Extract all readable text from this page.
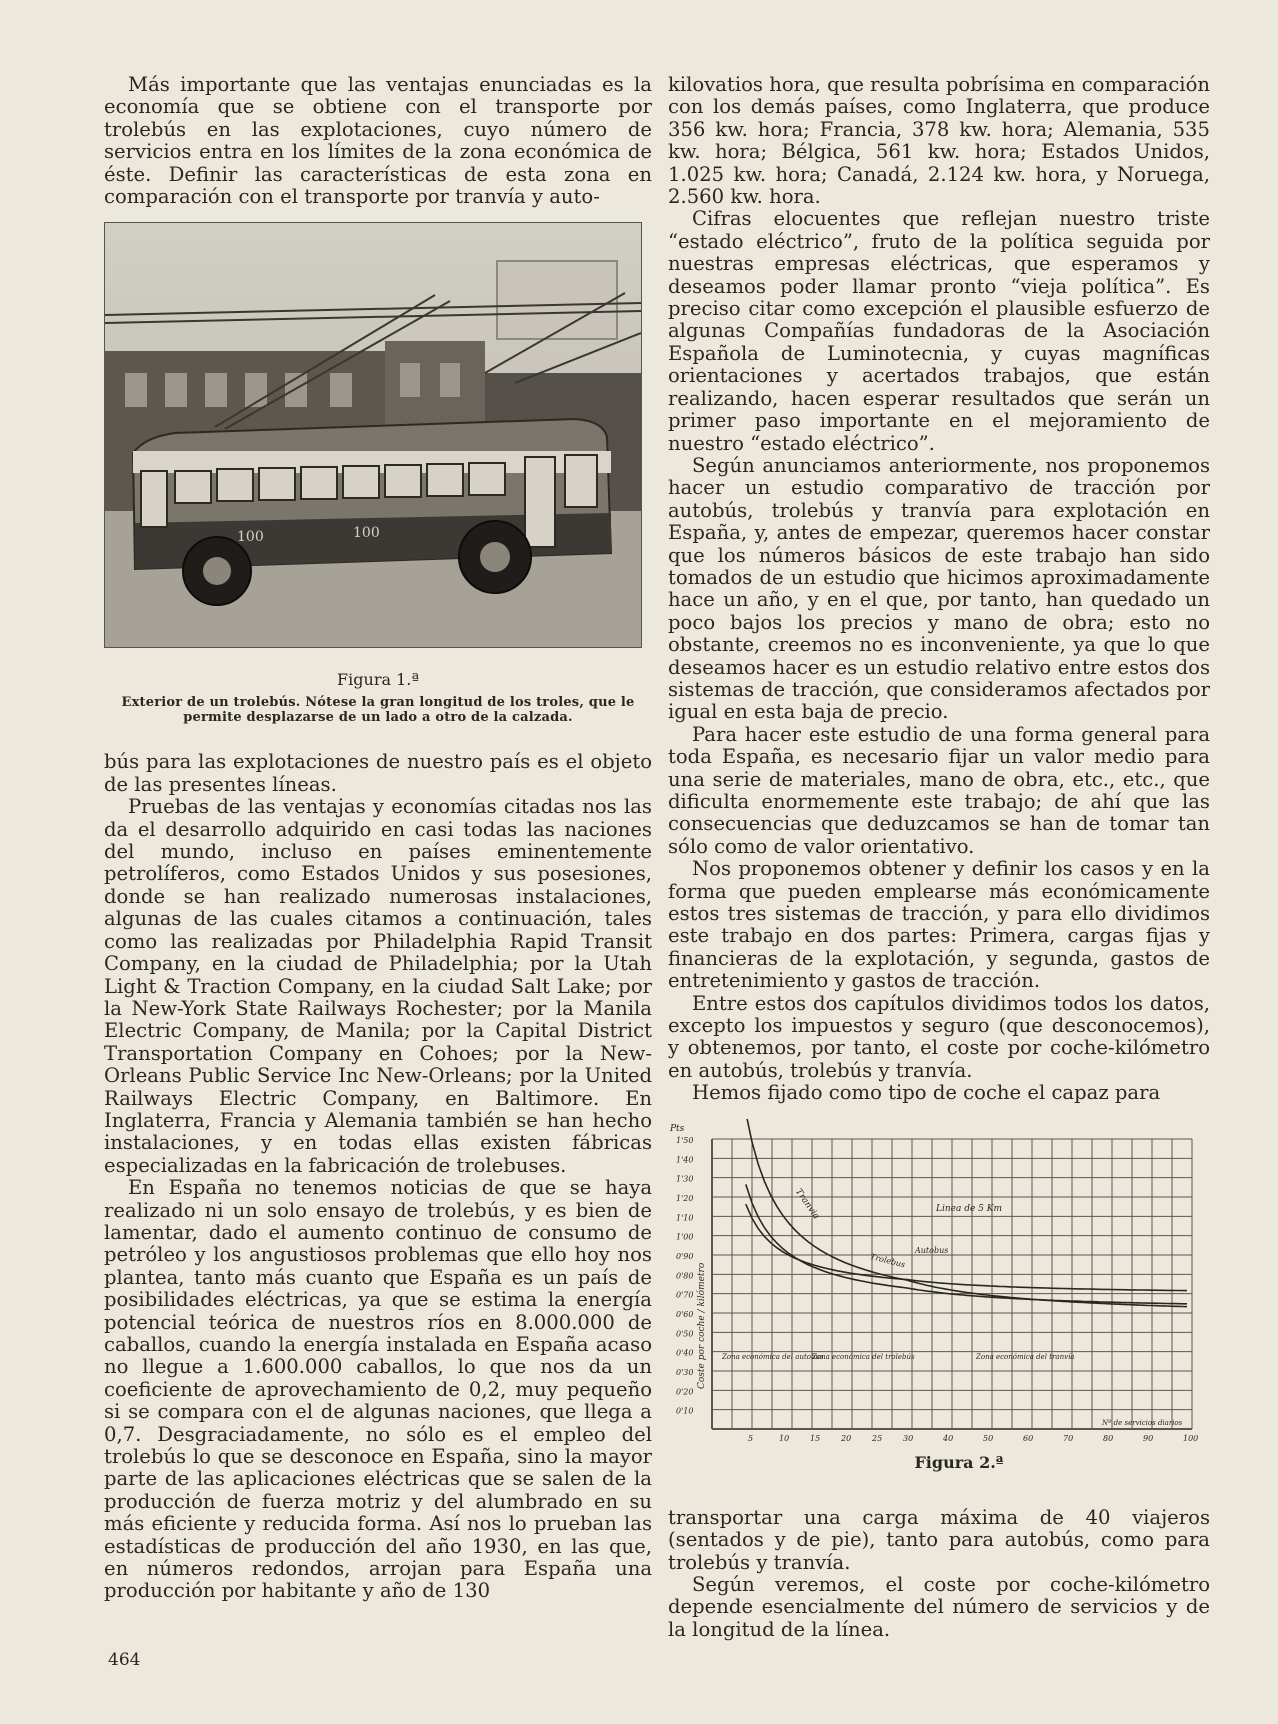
Más importante que las ventajas enunciadas es la economía que se obtiene con el transporte por trolebús en las explotaciones, cuyo número de servicios entra en los límites de la zona económica de éste. Definir las características de esta zona en comparación con el transporte por tranvía y auto-

100	100
Figura 1.ª
Exterior de un trolebús. Nótese la gran longitud de los troles, que le permite desplazarse de un lado a otro de la calzada.

bús para las explotaciones de nuestro país es el objeto de las presentes líneas.

Pruebas de las ventajas y economías citadas nos las da el desarrollo adquirido en casi todas las naciones del mundo, incluso en países eminentemente petrolíferos, como Estados Unidos y sus posesiones, donde se han realizado numerosas instalaciones, algunas de las cuales citamos a continuación, tales como las realizadas por Philadelphia Rapid Transit Company, en la ciudad de Philadelphia; por la Utah Light & Traction Company, en la ciudad Salt Lake; por la New-York State Railways Rochester; por la Manila Electric Company, de Manila; por la Capital District Transportation Company en Cohoes; por la New-Orleans Public Service Inc New-Orleans; por la United Railways Electric Company, en Baltimore. En Inglaterra, Francia y Alemania también se han hecho instalaciones, y en todas ellas existen fábricas especializadas en la fabricación de trolebuses.

En España no tenemos noticias de que se haya realizado ni un solo ensayo de trolebús, y es bien de lamentar, dado el aumento continuo de consumo de petróleo y los angustiosos problemas que ello hoy nos plantea, tanto más cuanto que España es un país de posibilidades eléctricas, ya que se estima la energía potencial teórica de nuestros ríos en 8.000.000 de caballos, cuando la energía instalada en España acaso no llegue a 1.600.000 caballos, lo que nos da un coeficiente de aprovechamiento de 0,2, muy pequeño si se compara con el de algunas naciones, que llega a 0,7. Desgraciadamente, no sólo es el empleo del trolebús lo que se desconoce en España, sino la mayor parte de las aplicaciones eléctricas que se salen de la producción de fuerza motriz y del alumbrado en su más eficiente y reducida forma. Así nos lo prueban las estadísticas de producción del año 1930, en las que, en números redondos, arrojan para España una producción por habitante y año de 130

kilovatios hora, que resulta pobrísima en comparación con los demás países, como Inglaterra, que produce 356 kw. hora; Francia, 378 kw. hora; Alemania, 535 kw. hora; Bélgica, 561 kw. hora; Estados Unidos, 1.025 kw. hora; Canadá, 2.124 kw. hora, y Noruega, 2.560 kw. hora.

Cifras elocuentes que reflejan nuestro triste “estado eléctrico”, fruto de la política seguida por nuestras empresas eléctricas, que esperamos y deseamos poder llamar pronto “vieja política”. Es preciso citar como excepción el plausible esfuerzo de algunas Compañías fundadoras de la Asociación Española de Luminotecnia, y cuyas magníficas orientaciones y acertados trabajos, que están realizando, hacen esperar resultados que serán un primer paso importante en el mejoramiento de nuestro “estado eléctrico”.

Según anunciamos anteriormente, nos proponemos hacer un estudio comparativo de tracción por autobús, trolebús y tranvía para explotación en España, y, antes de empezar, queremos hacer constar que los números básicos de este trabajo han sido tomados de un estudio que hicimos aproximadamente hace un año, y en el que, por tanto, han quedado un poco bajos los precios y mano de obra; esto no obstante, creemos no es inconveniente, ya que lo que deseamos hacer es un estudio relativo entre estos dos sistemas de tracción, que consideramos afectados por igual en esta baja de precio.

Para hacer este estudio de una forma general para toda España, es necesario fijar un valor medio para una serie de materiales, mano de obra, etc., etc., que dificulta enormemente este trabajo; de ahí que las consecuencias que deduzcamos se han de tomar tan sólo como de valor orientativo.

Nos proponemos obtener y definir los casos y en la forma que pueden emplearse más económicamente estos tres sistemas de tracción, y para ello dividimos este trabajo en dos partes: Primera, cargas fijas y financieras de la explotación, y segunda, gastos de entretenimiento y gastos de tracción.

Entre estos dos capítulos dividimos todos los datos, excepto los impuestos y seguro (que desconocemos), y obtenemos, por tanto, el coste por coche-kilómetro en autobús, trolebús y tranvía.

Hemos fijado como tipo de coche el capaz para

Pts
1'50
1'40
1'30
1'20
1'10
1'00
0'90
0'80
0'70
0'60
0'50
0'40
0'30
0'20
0'10
Coste por coche / kilómetro
5	10	15	20	25	30	40	50	60	70	80	90	100
Tranvia
Autobus
Trolebus
Linea de 5 Km
Zona económica del autobus
Zona económica del trolebús	Zona económica del tranvía
Nº de servicios diarios
Figura 2.ª

transportar una carga máxima de 40 viajeros (sentados y de pie), tanto para autobús, como para trolebús y tranvía.

Según veremos, el coste por coche-kilómetro depende esencialmente del número de servicios y de la longitud de la línea.

464
